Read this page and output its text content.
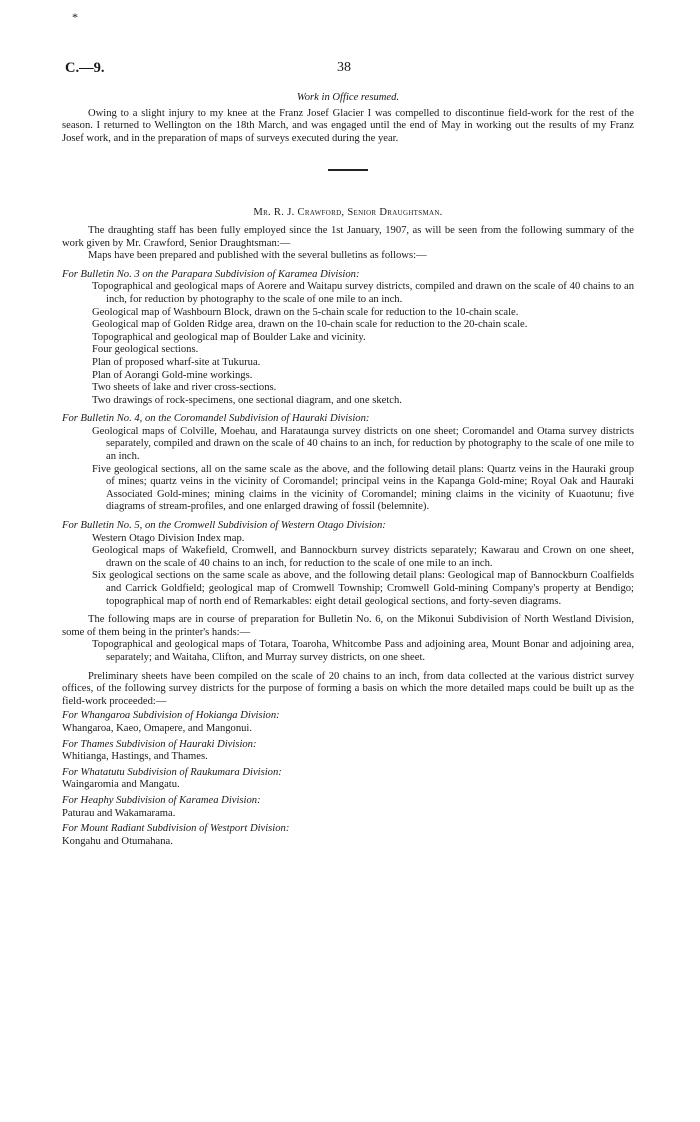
*
C.—9.	38

Work in Office resumed.

Owing to a slight injury to my knee at the Franz Josef Glacier I was compelled to discontinue field-work for the rest of the season. I returned to Wellington on the 18th March, and was engaged until the end of May in working out the results of my Franz Josef work, and in the preparation of maps of surveys executed during the year.

Mr. R. J. Crawford, Senior Draughtsman.

The draughting staff has been fully employed since the 1st January, 1907, as will be seen from the following summary of the work given by Mr. Crawford, Senior Draughtsman:—

Maps have been prepared and published with the several bulletins as follows:—

For Bulletin No. 3 on the Parapara Subdivision of Karamea Division:

Topographical and geological maps of Aorere and Waitapu survey districts, compiled and drawn on the scale of 40 chains to an inch, for reduction by photography to the scale of one mile to an inch.

Geological map of Washbourn Block, drawn on the 5-chain scale for reduction to the 10-chain scale.

Geological map of Golden Ridge area, drawn on the 10-chain scale for reduction to the 20-chain scale.

Topographical and geological map of Boulder Lake and vicinity.

Four geological sections.

Plan of proposed wharf-site at Tukurua.

Plan of Aorangi Gold-mine workings.

Two sheets of lake and river cross-sections.

Two drawings of rock-specimens, one sectional diagram, and one sketch.

For Bulletin No. 4, on the Coromandel Subdivision of Hauraki Division:

Geological maps of Colville, Moehau, and Harataunga survey districts on one sheet; Coromandel and Otama survey districts separately, compiled and drawn on the scale of 40 chains to an inch, for reduction by photography to the scale of one mile to an inch.

Five geological sections, all on the same scale as the above, and the following detail plans: Quartz veins in the Hauraki group of mines; quartz veins in the vicinity of Coromandel; principal veins in the Kapanga Gold-mine; Royal Oak and Hauraki Associated Gold-mines; mining claims in the vicinity of Coromandel; mining claims in the vicinity of Kuaotunu; five diagrams of stream-profiles, and one enlarged drawing of fossil (belemnite).

For Bulletin No. 5, on the Cromwell Subdivision of Western Otago Division:

Western Otago Division Index map.

Geological maps of Wakefield, Cromwell, and Bannockburn survey districts separately; Kawarau and Crown on one sheet, drawn on the scale of 40 chains to an inch, for reduction to the scale of one mile to an inch.

Six geological sections on the same scale as above, and the following detail plans: Geological map of Bannockburn Coalfields and Carrick Goldfield; geological map of Cromwell Township; Cromwell Gold-mining Company's property at Bendigo; topographical map of north end of Remarkables: eight detail geological sections, and forty-seven diagrams.

The following maps are in course of preparation for Bulletin No. 6, on the Mikonui Subdivision of North Westland Division, some of them being in the printer's hands:—

Topographical and geological maps of Totara, Toaroha, Whitcombe Pass and adjoining area, Mount Bonar and adjoining area, separately; and Waitaha, Clifton, and Murray survey districts, on one sheet.

Preliminary sheets have been compiled on the scale of 20 chains to an inch, from data collected at the various district survey offices, of the following survey districts for the purpose of forming a basis on which the more detailed maps could be built up as the field-work proceeded:—

For Whangaroa Subdivision of Hokianga Division:

Whangaroa, Kaeo, Omapere, and Mangonui.

For Thames Subdivision of Hauraki Division:

Whitianga, Hastings, and Thames.

For Whatatutu Subdivision of Raukumara Division:

Waingaromia and Mangatu.

For Heaphy Subdivision of Karamea Division:

Paturau and Wakamarama.

For Mount Radiant Subdivision of Westport Division:

Kongahu and Otumahana.
